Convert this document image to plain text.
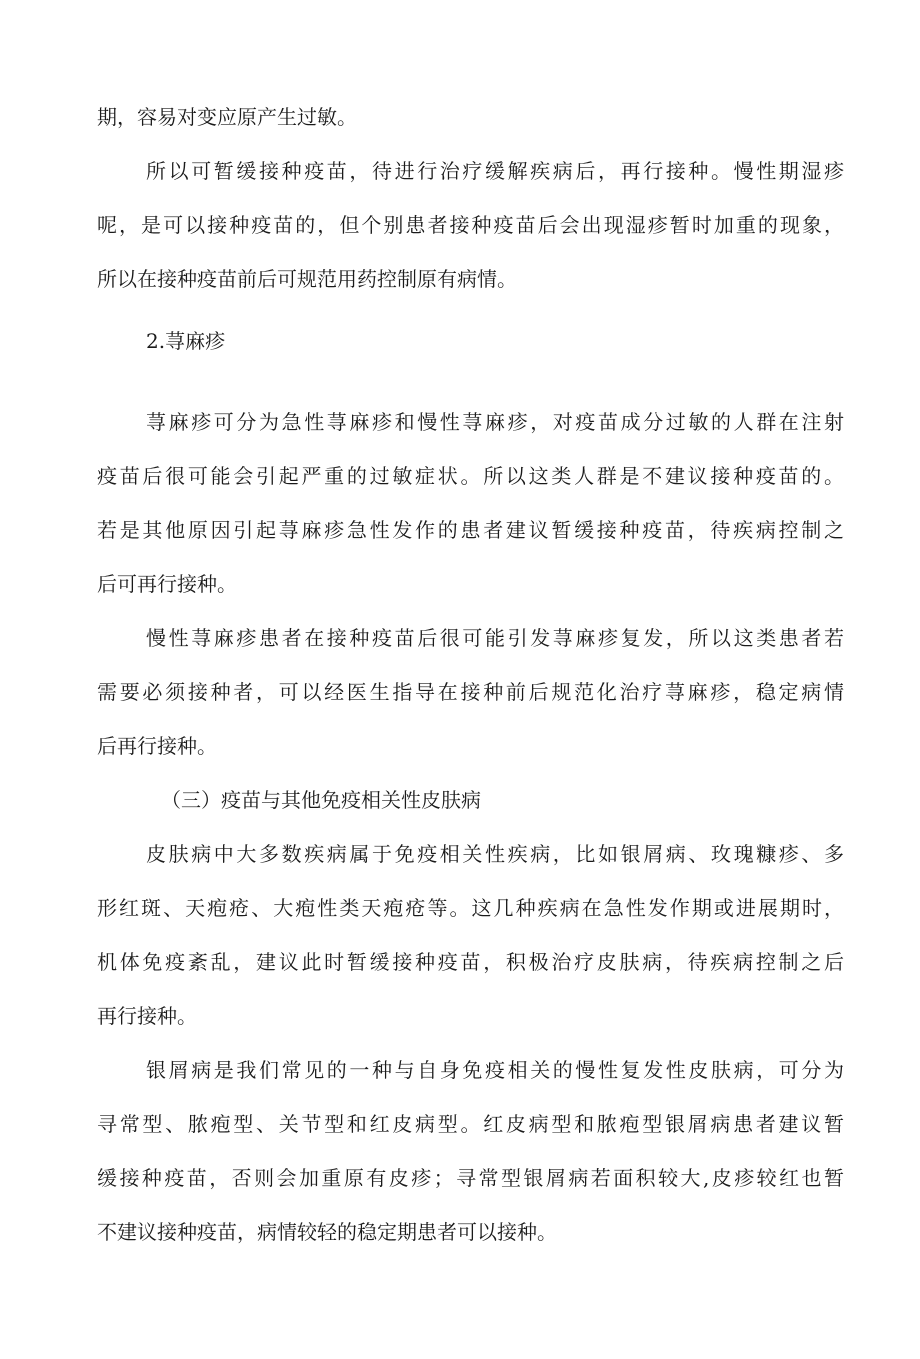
期，容易对变应原产生过敏。

所以可暂缓接种疫苗，待进行治疗缓解疾病后，再行接种。慢性期湿疹

呢，是可以接种疫苗的，但个别患者接种疫苗后会出现湿疹暂时加重的现象，

所以在接种疫苗前后可规范用药控制原有病情。

2.荨麻疹

荨麻疹可分为急性荨麻疹和慢性荨麻疹，对疫苗成分过敏的人群在注射

疫苗后很可能会引起严重的过敏症状。所以这类人群是不建议接种疫苗的。

若是其他原因引起荨麻疹急性发作的患者建议暂缓接种疫苗，待疾病控制之

后可再行接种。

慢性荨麻疹患者在接种疫苗后很可能引发荨麻疹复发，所以这类患者若

需要必须接种者，可以经医生指导在接种前后规范化治疗荨麻疹，稳定病情

后再行接种。

（三）疫苗与其他免疫相关性皮肤病

皮肤病中大多数疾病属于免疫相关性疾病，比如银屑病、玫瑰糠疹、多

形红斑、天疱疮、大疱性类天疱疮等。这几种疾病在急性发作期或进展期时，

机体免疫紊乱，建议此时暂缓接种疫苗，积极治疗皮肤病，待疾病控制之后

再行接种。

银屑病是我们常见的一种与自身免疫相关的慢性复发性皮肤病，可分为

寻常型、脓疱型、关节型和红皮病型。红皮病型和脓疱型银屑病患者建议暂

缓接种疫苗，否则会加重原有皮疹；寻常型银屑病若面积较大,皮疹较红也暂

不建议接种疫苗，病情较轻的稳定期患者可以接种。
